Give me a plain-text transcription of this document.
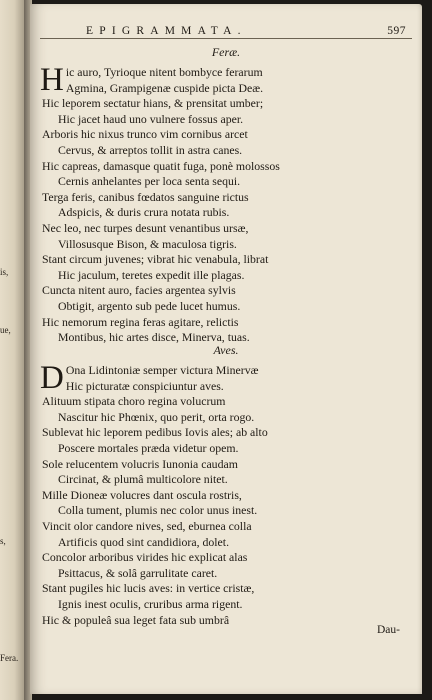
is,
ue,
s,
Fera.
EPIGRAMMATA.	597
Feræ.
Hic auro, Tyrioque nitent bombyce ferarum
Agmina, Grampigenæ cuspide picta Deæ.
Hic leporem sectatur hians, & prensitat umber;
Hic jacet haud uno vulnere fossus aper.
Arboris hic nixus trunco vim cornibus arcet
Cervus, & arreptos tollit in astra canes.
Hic capreas, damasque quatit fuga, ponè molossos
Cernis anhelantes per loca senta sequi.
Terga feris, canibus fœdatos sanguine rictus
Adspicis, & duris crura notata rubis.
Nec leo, nec turpes desunt venantibus ursæ,
Villosusque Bison, & maculosa tigris.
Stant circum juvenes; vibrat hic venabula, librat
Hic jaculum, teretes expedit ille plagas.
Cuncta nitent auro, facies argentea sylvis
Obtigit, argento sub pede lucet humus.
Hic nemorum regina feras agitare, relictis
Montibus, hic artes disce, Minerva, tuas.
Aves.
D Ona Lidintoniæ semper victura Minervæ
Hic picturatæ conspiciuntur aves.
Alituum stipata choro regina volucrum
Nascitur hic Phœnix, quo perit, orta rogo.
Sublevat hic leporem pedibus Iovis ales; ab alto
Poscere mortales præda videtur opem.
Sole relucentem volucris Iunonia caudam
Circinat, & plumâ multicolore nitet.
Mille Dioneæ volucres dant oscula rostris,
Colla tument, plumis nec color unus inest.
Vincit olor candore nives, sed, eburnea colla
Artificis quod sint candidiora, dolet.
Concolor arboribus virides hic explicat alas
Psittacus, & solâ garrulitate caret.
Stant pugiles hic lucis aves: in vertice cristæ,
Ignis inest oculis, cruribus arma rigent.
Hic & populeâ sua leget fata sub umbrâ
Dau-
